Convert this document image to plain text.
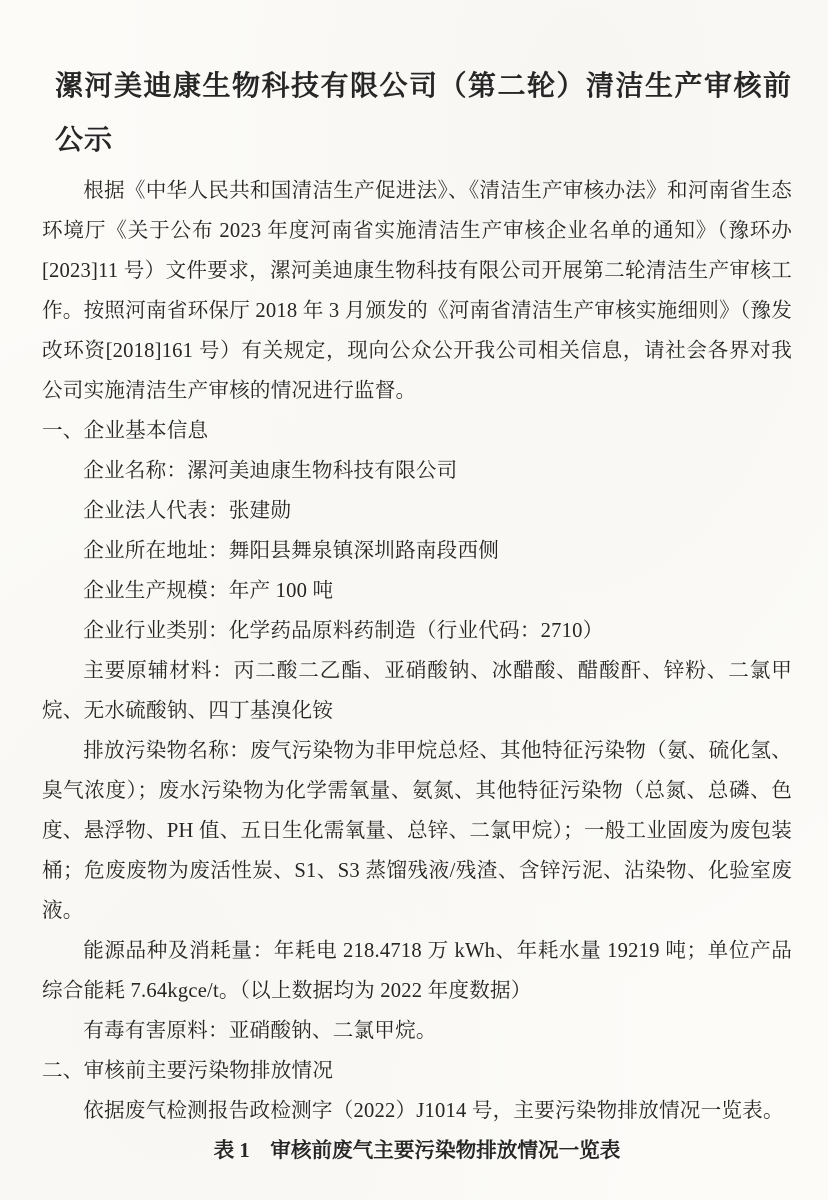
漯河美迪康生物科技有限公司（第二轮）清洁生产审核前公示

根据《中华人民共和国清洁生产促进法》、《清洁生产审核办法》和河南省生态环境厅《关于公布 2023 年度河南省实施清洁生产审核企业名单的通知》（豫环办[2023]11 号）文件要求，漯河美迪康生物科技有限公司开展第二轮清洁生产审核工作。按照河南省环保厅 2018 年 3 月颁发的《河南省清洁生产审核实施细则》（豫发改环资[2018]161 号）有关规定，现向公众公开我公司相关信息，请社会各界对我公司实施清洁生产审核的情况进行监督。

一、企业基本信息

企业名称：漯河美迪康生物科技有限公司

企业法人代表：张建勋

企业所在地址：舞阳县舞泉镇深圳路南段西侧

企业生产规模：年产 100 吨

企业行业类别：化学药品原料药制造（行业代码：2710）

主要原辅材料：丙二酸二乙酯、亚硝酸钠、冰醋酸、醋酸酐、锌粉、二氯甲烷、无水硫酸钠、四丁基溴化铵

排放污染物名称：废气污染物为非甲烷总烃、其他特征污染物（氨、硫化氢、臭气浓度）；废水污染物为化学需氧量、氨氮、其他特征污染物（总氮、总磷、色度、悬浮物、PH 值、五日生化需氧量、总锌、二氯甲烷）；一般工业固废为废包装桶；危废废物为废活性炭、S1、S3 蒸馏残液/残渣、含锌污泥、沾染物、化验室废液。

能源品种及消耗量：年耗电 218.4718 万 kWh、年耗水量 19219 吨；单位产品综合能耗 7.64kgce/t。（以上数据均为 2022 年度数据）

有毒有害原料：亚硝酸钠、二氯甲烷。

二、审核前主要污染物排放情况

依据废气检测报告政检测字（2022）J1014 号，主要污染物排放情况一览表。

表 1　审核前废气主要污染物排放情况一览表
